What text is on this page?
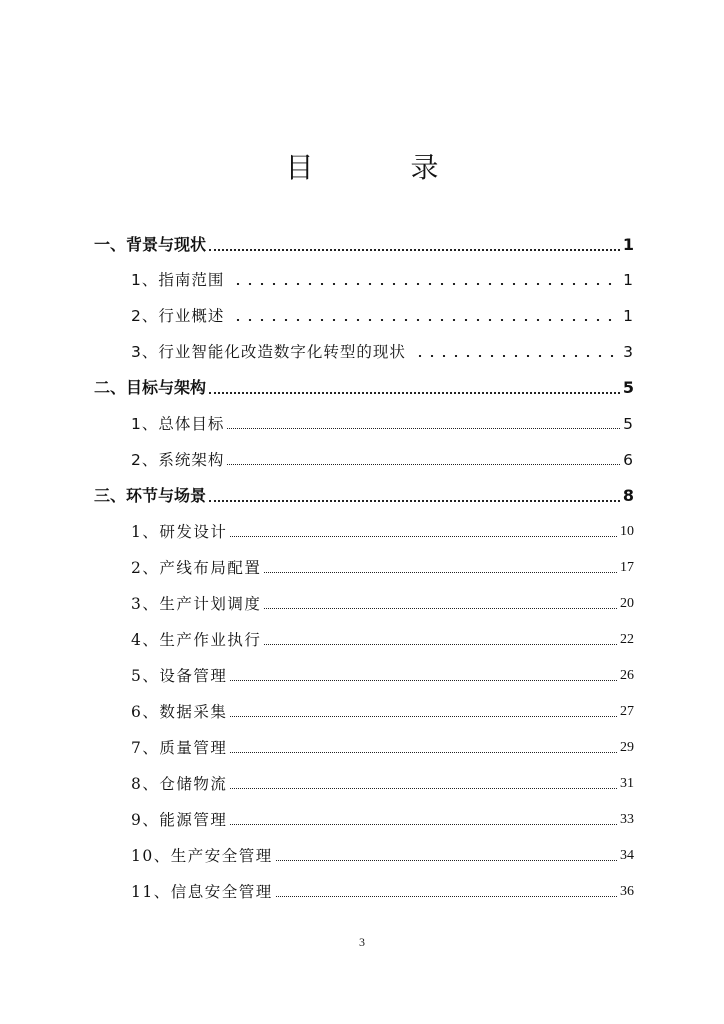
目 录
一、背景与现状	1
1、指南范围	1
2、行业概述	1
3、行业智能化改造数字化转型的现状	3
二、目标与架构	5
1、总体目标	5
2、系统架构	6
三、环节与场景	8
1、研发设计	10
2、产线布局配置	17
3、生产计划调度	20
4、生产作业执行	22
5、设备管理	26
6、数据采集	27
7、质量管理	29
8、仓储物流	31
9、能源管理	33
10、生产安全管理	34
11、信息安全管理	36
3
